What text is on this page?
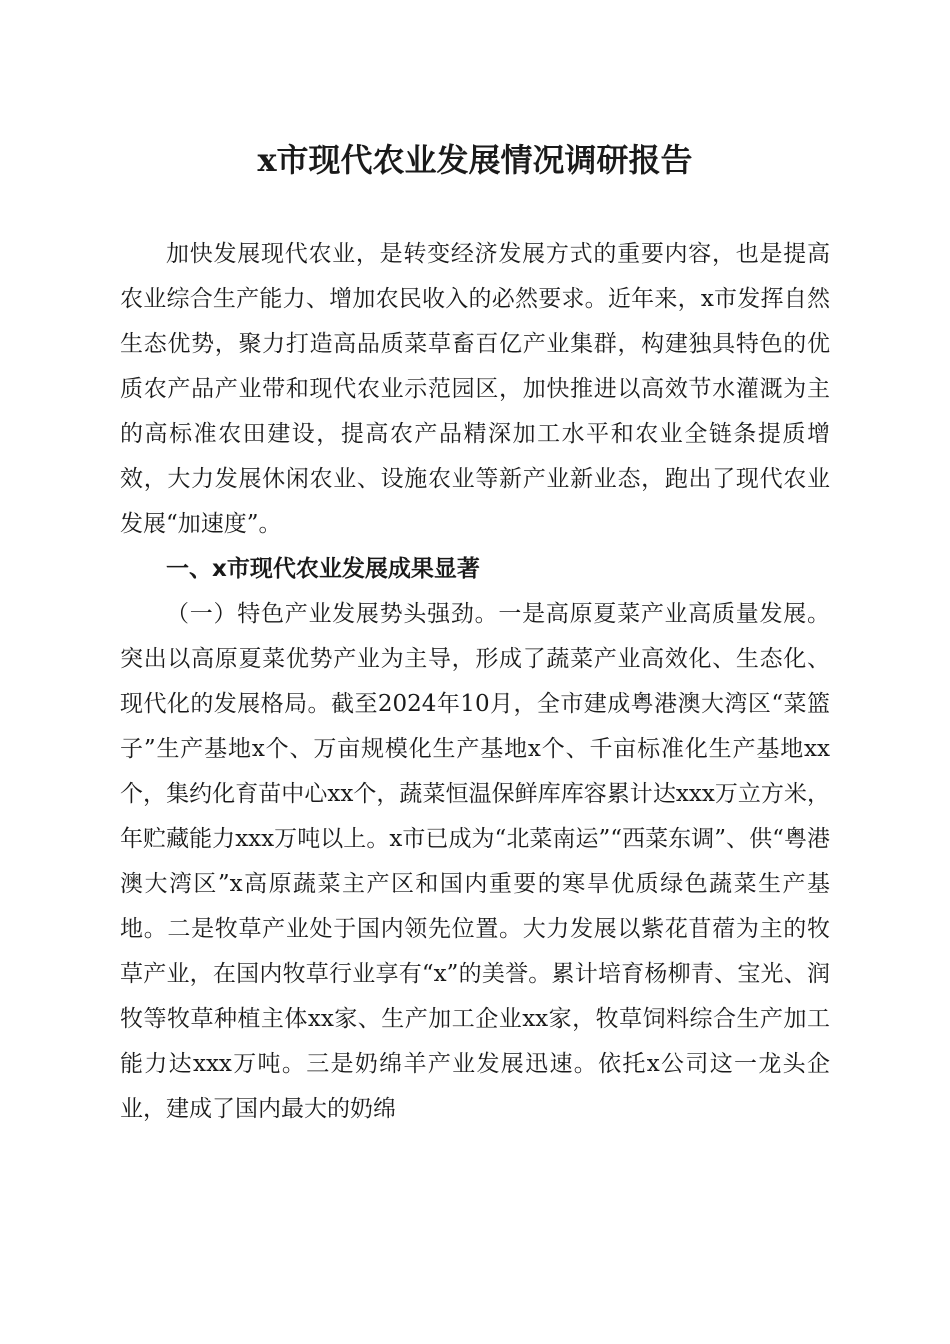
x市现代农业发展情况调研报告

加快发展现代农业，是转变经济发展方式的重要内容，也是提高农业综合生产能力、增加农民收入的必然要求。近年来，x市发挥自然生态优势，聚力打造高品质菜草畜百亿产业集群，构建独具特色的优质农产品产业带和现代农业示范园区，加快推进以高效节水灌溉为主的高标准农田建设，提高农产品精深加工水平和农业全链条提质增效，大力发展休闲农业、设施农业等新产业新业态，跑出了现代农业发展“加速度”。

一、x市现代农业发展成果显著

（一）特色产业发展势头强劲。一是高原夏菜产业高质量发展。突出以高原夏菜优势产业为主导，形成了蔬菜产业高效化、生态化、现代化的发展格局。截至2024年10月，全市建成粤港澳大湾区“菜篮子”生产基地x个、万亩规模化生产基地x个、千亩标准化生产基地xx个，集约化育苗中心xx个，蔬菜恒温保鲜库库容累计达xxx万立方米，年贮藏能力xxx万吨以上。x市已成为“北菜南运”“西菜东调”、供“粤港澳大湾区”x高原蔬菜主产区和国内重要的寒旱优质绿色蔬菜生产基地。二是牧草产业处于国内领先位置。大力发展以紫花苜蓿为主的牧草产业，在国内牧草行业享有“x”的美誉。累计培育杨柳青、宝光、润牧等牧草种植主体xx家、生产加工企业xx家，牧草饲料综合生产加工能力达xxx万吨。三是奶绵羊产业发展迅速。依托x公司这一龙头企业，建成了国内最大的奶绵
